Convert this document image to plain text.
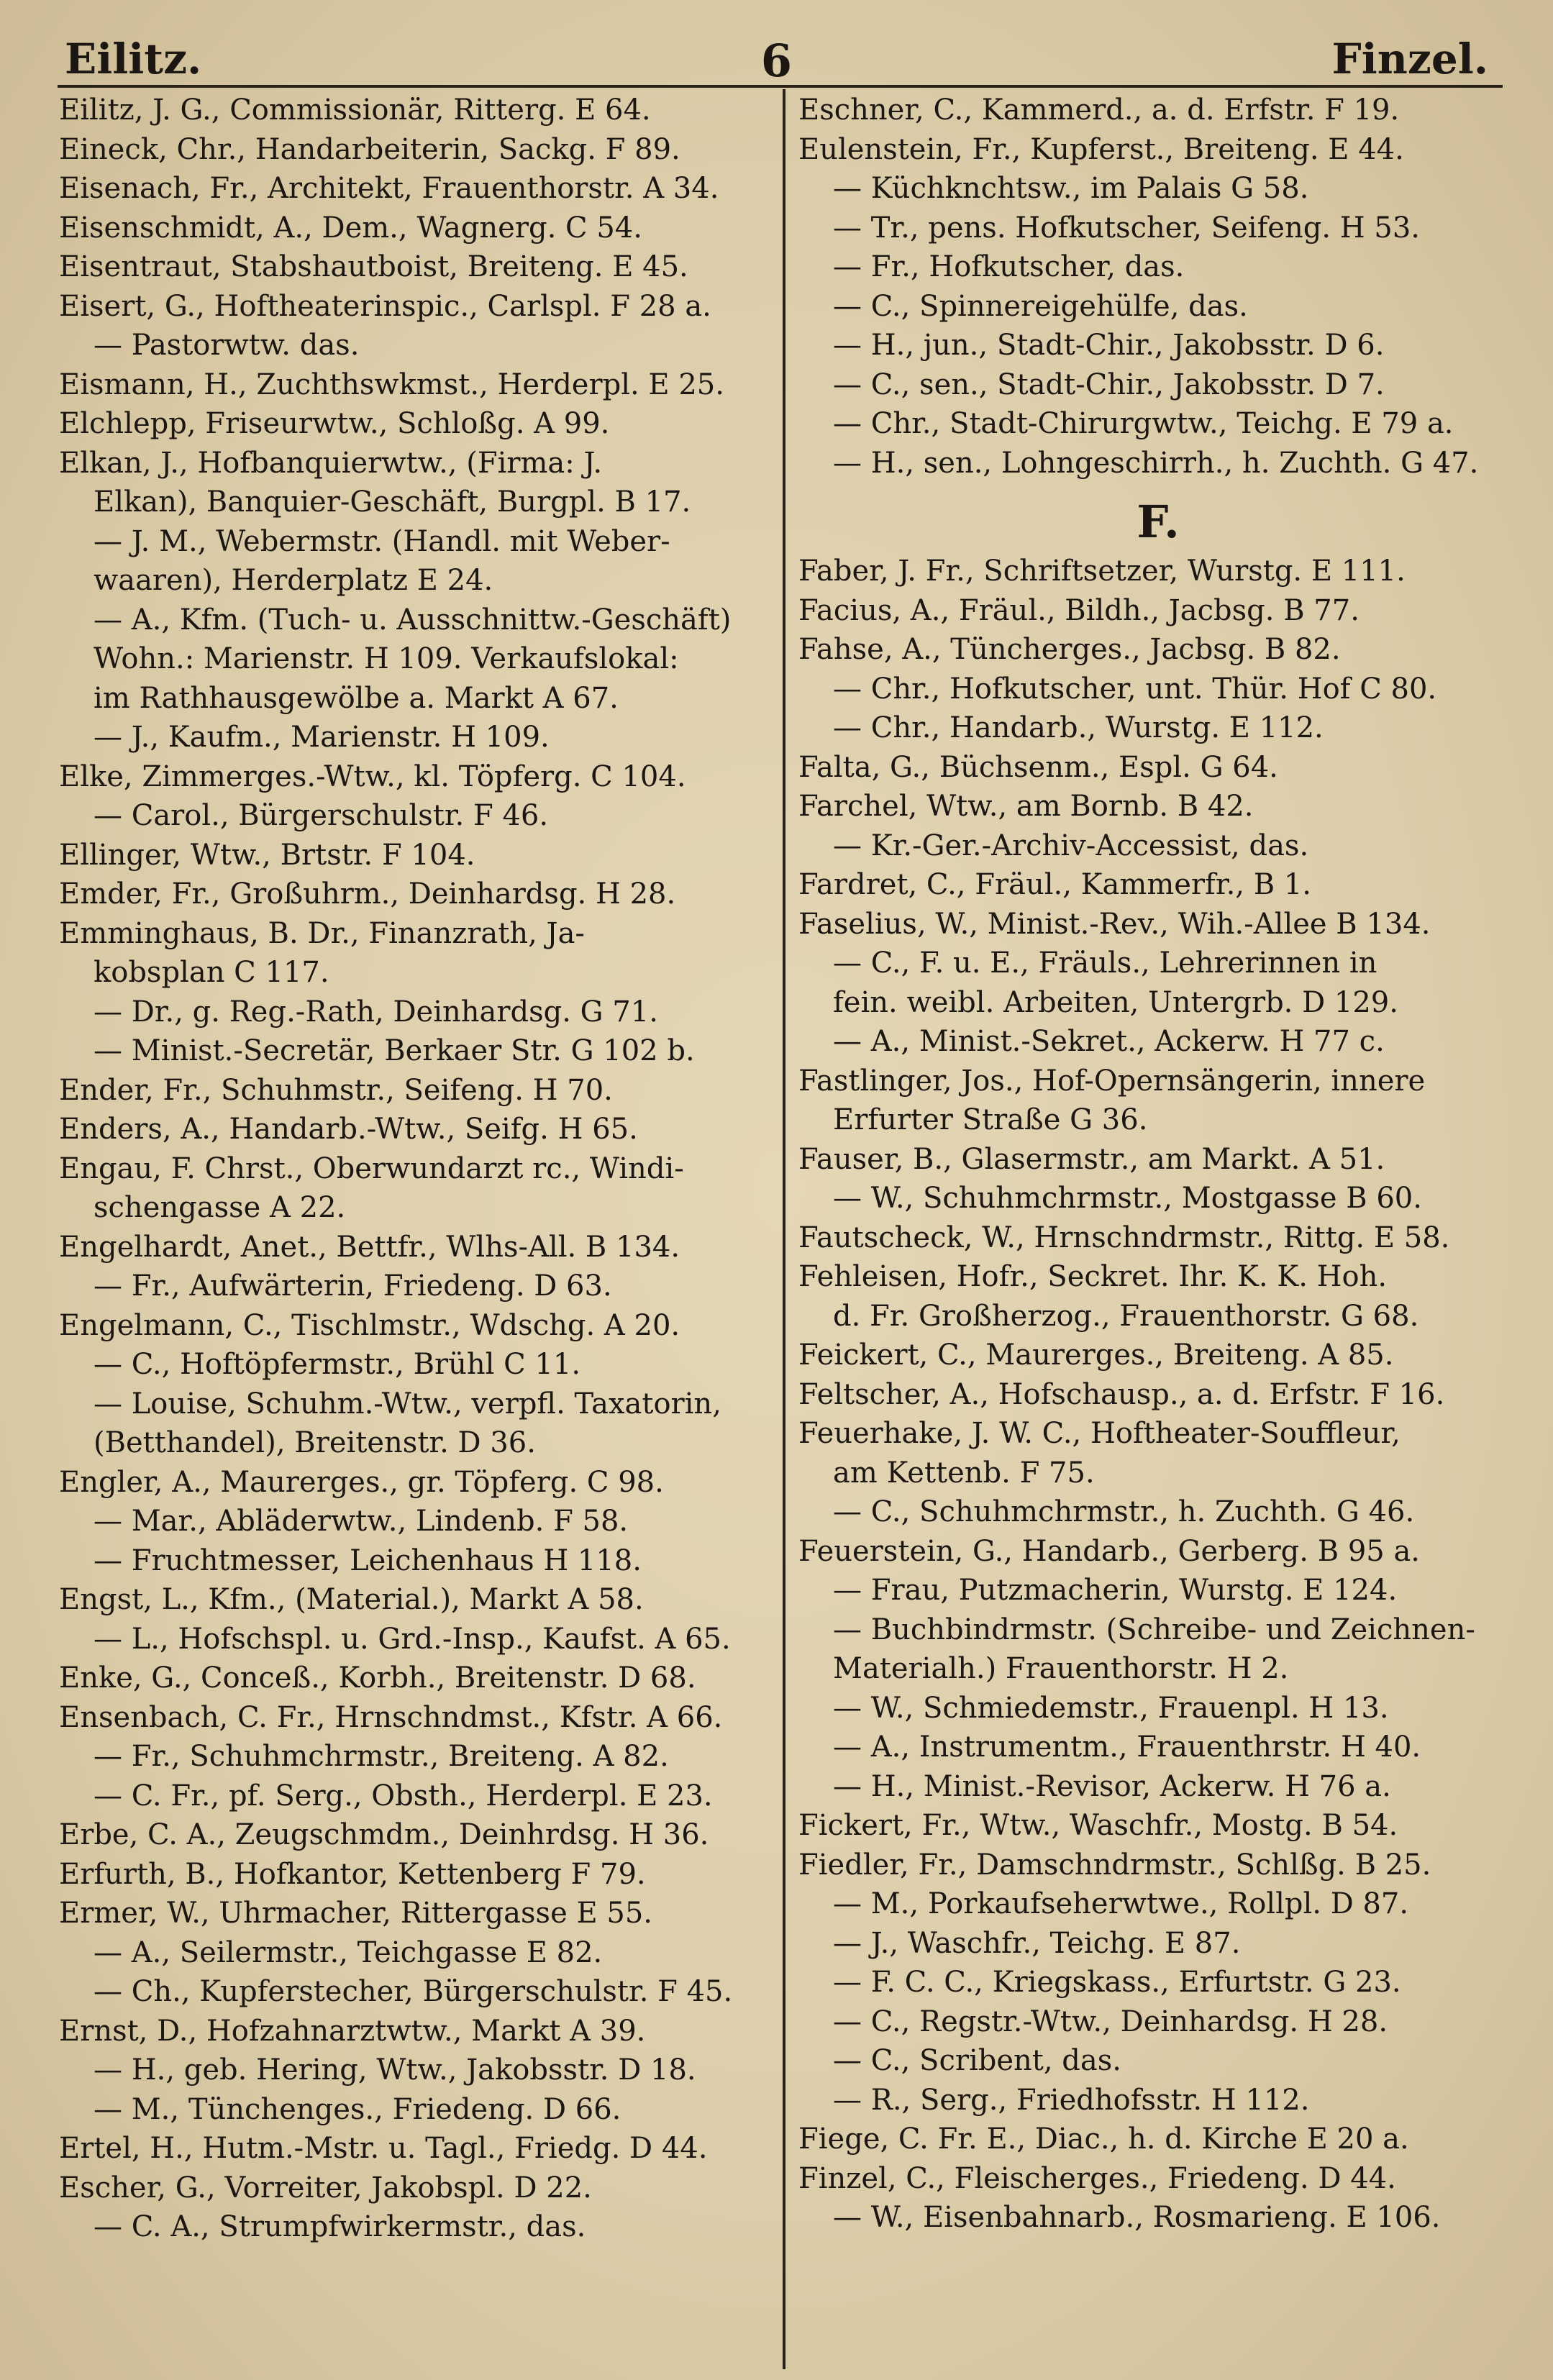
Eilitz.	6	Finzel.
Eilitz, J. G., Commissionär, Ritterg. E 64.
Eineck, Chr., Handarbeiterin, Sackg. F 89.
Eisenach, Fr., Architekt, Frauenthorstr. A 34.
Eisenschmidt, A., Dem., Wagnerg. C 54.
Eisentraut, Stabshautboist, Breiteng. E 45.
Eisert, G., Hoftheaterinspic., Carlspl. F 28 a.
— Pastorwtw. das.
Eismann, H., Zuchthswkmst., Herderpl. E 25.
Elchlepp, Friseurwtw., Schloßg. A 99.
Elkan, J., Hofbanquierwtw., (Firma: J.
Elkan), Banquier-Geschäft, Burgpl. B 17.
— J. M., Webermstr. (Handl. mit Weber-
waaren), Herderplatz E 24.
— A., Kfm. (Tuch- u. Ausschnittw.-Geschäft)
Wohn.: Marienstr. H 109. Verkaufslokal:
im Rathhausgewölbe a. Markt A 67.
— J., Kaufm., Marienstr. H 109.
Elke, Zimmerges.-Wtw., kl. Töpferg. C 104.
— Carol., Bürgerschulstr. F 46.
Ellinger, Wtw., Brtstr. F 104.
Emder, Fr., Großuhrm., Deinhardsg. H 28.
Emminghaus, B. Dr., Finanzrath, Ja-
kobsplan C 117.
— Dr., g. Reg.-Rath, Deinhardsg. G 71.
— Minist.-Secretär, Berkaer Str. G 102 b.
Ender, Fr., Schuhmstr., Seifeng. H 70.
Enders, A., Handarb.-Wtw., Seifg. H 65.
Engau, F. Chrst., Oberwundarzt rc., Windi-
schengasse A 22.
Engelhardt, Anet., Bettfr., Wlhs-All. B 134.
— Fr., Aufwärterin, Friedeng. D 63.
Engelmann, C., Tischlmstr., Wdschg. A 20.
— C., Hoftöpfermstr., Brühl C 11.
— Louise, Schuhm.-Wtw., verpfl. Taxatorin,
(Betthandel), Breitenstr. D 36.
Engler, A., Maurerges., gr. Töpferg. C 98.
— Mar., Abläderwtw., Lindenb. F 58.
— Fruchtmesser, Leichenhaus H 118.
Engst, L., Kfm., (Material.), Markt A 58.
— L., Hofschspl. u. Grd.-Insp., Kaufst. A 65.
Enke, G., Conceß., Korbh., Breitenstr. D 68.
Ensenbach, C. Fr., Hrnschndmst., Kfstr. A 66.
— Fr., Schuhmchrmstr., Breiteng. A 82.
— C. Fr., pf. Serg., Obsth., Herderpl. E 23.
Erbe, C. A., Zeugschmdm., Deinhrdsg. H 36.
Erfurth, B., Hofkantor, Kettenberg F 79.
Ermer, W., Uhrmacher, Rittergasse E 55.
— A., Seilermstr., Teichgasse E 82.
— Ch., Kupferstecher, Bürgerschulstr. F 45.
Ernst, D., Hofzahnarztwtw., Markt A 39.
— H., geb. Hering, Wtw., Jakobsstr. D 18.
— M., Tünchenges., Friedeng. D 66.
Ertel, H., Hutm.-Mstr. u. Tagl., Friedg. D 44.
Escher, G., Vorreiter, Jakobspl. D 22.
— C. A., Strumpfwirkermstr., das.
Eschner, C., Kammerd., a. d. Erfstr. F 19.
Eulenstein, Fr., Kupferst., Breiteng. E 44.
— Küchknchtsw., im Palais G 58.
— Tr., pens. Hofkutscher, Seifeng. H 53.
— Fr., Hofkutscher, das.
— C., Spinnereigehülfe, das.
— H., jun., Stadt-Chir., Jakobsstr. D 6.
— C., sen., Stadt-Chir., Jakobsstr. D 7.
— Chr., Stadt-Chirurgwtw., Teichg. E 79 a.
— H., sen., Lohngeschirrh., h. Zuchth. G 47.
F.
Faber, J. Fr., Schriftsetzer, Wurstg. E 111.
Facius, A., Fräul., Bildh., Jacbsg. B 77.
Fahse, A., Tüncherges., Jacbsg. B 82.
— Chr., Hofkutscher, unt. Thür. Hof C 80.
— Chr., Handarb., Wurstg. E 112.
Falta, G., Büchsenm., Espl. G 64.
Farchel, Wtw., am Bornb. B 42.
— Kr.-Ger.-Archiv-Accessist, das.
Fardret, C., Fräul., Kammerfr., B 1.
Faselius, W., Minist.-Rev., Wih.-Allee B 134.
— C., F. u. E., Fräuls., Lehrerinnen in
fein. weibl. Arbeiten, Untergrb. D 129.
— A., Minist.-Sekret., Ackerw. H 77 c.
Fastlinger, Jos., Hof-Opernsängerin, innere
Erfurter Straße G 36.
Fauser, B., Glasermstr., am Markt. A 51.
— W., Schuhmchrmstr., Mostgasse B 60.
Fautscheck, W., Hrnschndrmstr., Rittg. E 58.
Fehleisen, Hofr., Seckret. Ihr. K. K. Hoh.
d. Fr. Großherzog., Frauenthorstr. G 68.
Feickert, C., Maurerges., Breiteng. A 85.
Feltscher, A., Hofschausp., a. d. Erfstr. F 16.
Feuerhake, J. W. C., Hoftheater-Souffleur,
am Kettenb. F 75.
— C., Schuhmchrmstr., h. Zuchth. G 46.
Feuerstein, G., Handarb., Gerberg. B 95 a.
— Frau, Putzmacherin, Wurstg. E 124.
— Buchbindrmstr. (Schreibe- und Zeichnen-
Materialh.) Frauenthorstr. H 2.
— W., Schmiedemstr., Frauenpl. H 13.
— A., Instrumentm., Frauenthrstr. H 40.
— H., Minist.-Revisor, Ackerw. H 76 a.
Fickert, Fr., Wtw., Waschfr., Mostg. B 54.
Fiedler, Fr., Damschndrmstr., Schlßg. B 25.
— M., Porkaufseherwtwe., Rollpl. D 87.
— J., Waschfr., Teichg. E 87.
— F. C. C., Kriegskass., Erfurtstr. G 23.
— C., Regstr.-Wtw., Deinhardsg. H 28.
— C., Scribent, das.
— R., Serg., Friedhofsstr. H 112.
Fiege, C. Fr. E., Diac., h. d. Kirche E 20 a.
Finzel, C., Fleischerges., Friedeng. D 44.
— W., Eisenbahnarb., Rosmarieng. E 106.
